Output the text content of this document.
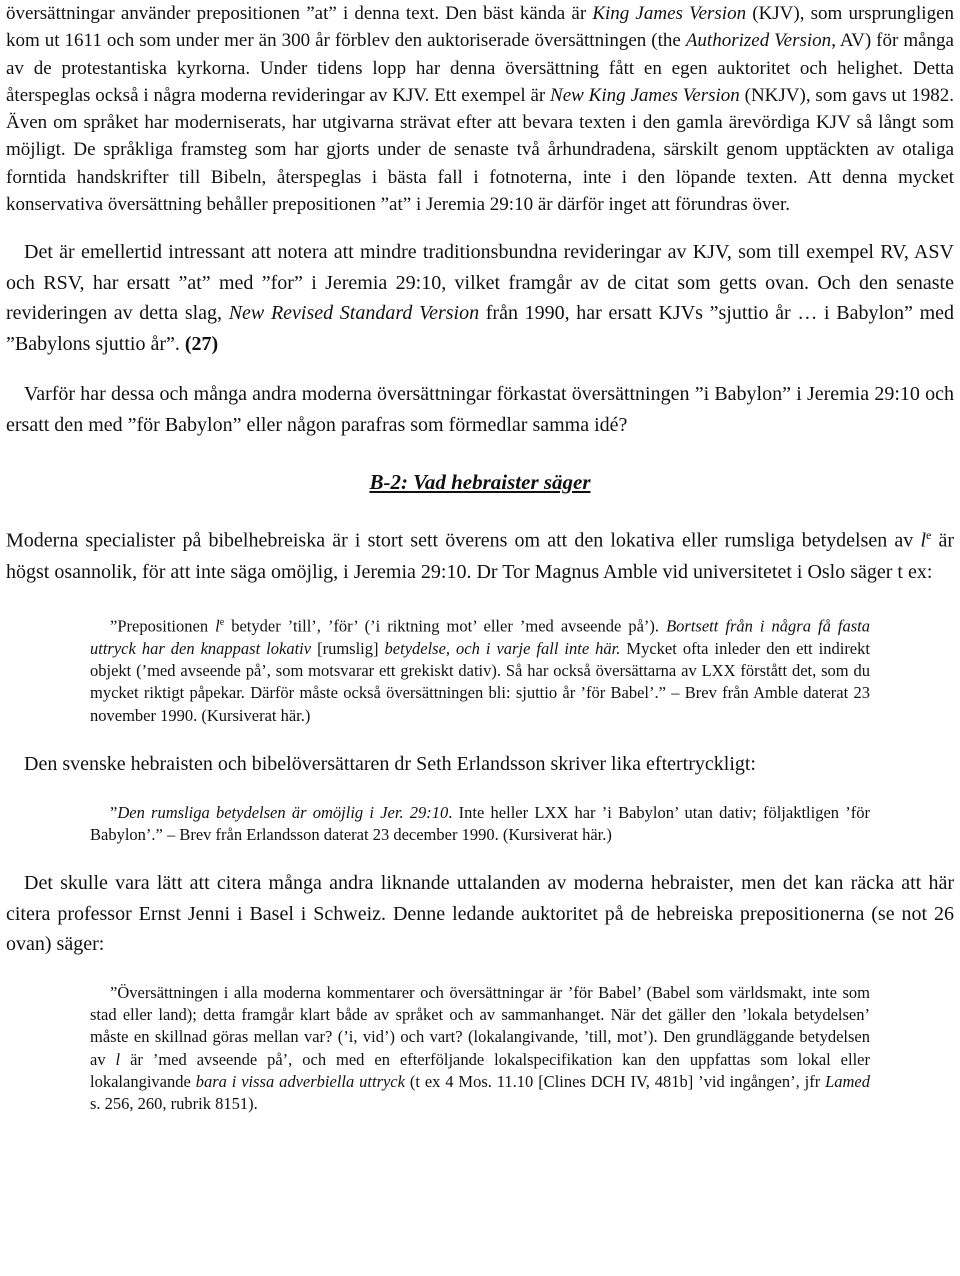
översättningar använder prepositionen ”at” i denna text. Den bäst kända är King James Version (KJV), som ursprungligen kom ut 1611 och som under mer än 300 år förblev den auktoriserade översättningen (the Authorized Version, AV) för många av de protestantiska kyrkorna. Under tidens lopp har denna översättning fått en egen auktoritet och helighet. Detta återspeglas också i några moderna revideringar av KJV. Ett exempel är New King James Version (NKJV), som gavs ut 1982. Även om språket har moderniserats, har utgivarna strävat efter att bevara texten i den gamla ärevördiga KJV så långt som möjligt. De språkliga framsteg som har gjorts under de senaste två århundradena, särskilt genom upptäckten av otaliga forntida handskrifter till Bibeln, återspeglas i bästa fall i fotnoterna, inte i den löpande texten. Att denna mycket konservativa översättning behåller prepositionen ”at” i Jeremia 29:10 är därför inget att förundras över.

Det är emellertid intressant att notera att mindre traditionsbundna revideringar av KJV, som till exempel RV, ASV och RSV, har ersatt ”at” med ”for” i Jeremia 29:10, vilket framgår av de citat som getts ovan. Och den senaste revideringen av detta slag, New Revised Standard Version från 1990, har ersatt KJVs ”sjuttio år … i Babylon” med ”Babylons sjuttio år”. (27)

Varför har dessa och många andra moderna översättningar förkastat översättningen ”i Babylon” i Jeremia 29:10 och ersatt den med ”för Babylon” eller någon parafras som förmedlar samma idé?

B-2: Vad hebraister säger

Moderna specialister på bibelhebreiska är i stort sett överens om att den lokativa eller rumsliga betydelsen av $l^e$ är högst osannolik, för att inte säga omöjlig, i Jeremia 29:10. Dr Tor Magnus Amble vid universitetet i Oslo säger t ex:

”Prepositionen $l^e$ betyder ’till’, ’för’ (’i riktning mot’ eller ’med avseende på’). Bortsett från i några få fasta uttryck har den knappast lokativ [rumslig] betydelse, och i varje fall inte här. Mycket ofta inleder den ett indirekt objekt (’med avseende på’, som motsvarar ett grekiskt dativ). Så har också översättarna av LXX förstått det, som du mycket riktigt påpekar. Därför måste också översättningen bli: sjuttio år ’för Babel’.” – Brev från Amble daterat 23 november 1990. (Kursiverat här.)

Den svenske hebraisten och bibelöversättaren dr Seth Erlandsson skriver lika eftertryckligt:

”Den rumsliga betydelsen är omöjlig i Jer. 29:10. Inte heller LXX har ’i Babylon’ utan dativ; följaktligen ’för Babylon’.” – Brev från Erlandsson daterat 23 december 1990. (Kursiverat här.)

Det skulle vara lätt att citera många andra liknande uttalanden av moderna hebraister, men det kan räcka att här citera professor Ernst Jenni i Basel i Schweiz. Denne ledande auktoritet på de hebreiska prepositionerna (se not 26 ovan) säger:

”Översättningen i alla moderna kommentarer och översättningar är ’för Babel’ (Babel som världsmakt, inte som stad eller land); detta framgår klart både av språket och av sammanhanget. När det gäller den ’lokala betydelsen’ måste en skillnad göras mellan var? (’i, vid’) och vart? (lokalangivande, ’till, mot’). Den grundläggande betydelsen av l är ’med avseende på’, och med en efterföljande lokalspecifikation kan den uppfattas som lokal eller lokalangivande bara i vissa adverbiella uttryck (t ex 4 Mos. 11.10 [Clines DCH IV, 481b] ’vid ingången’, jfr Lamed s. 256, 260, rubrik 8151).
